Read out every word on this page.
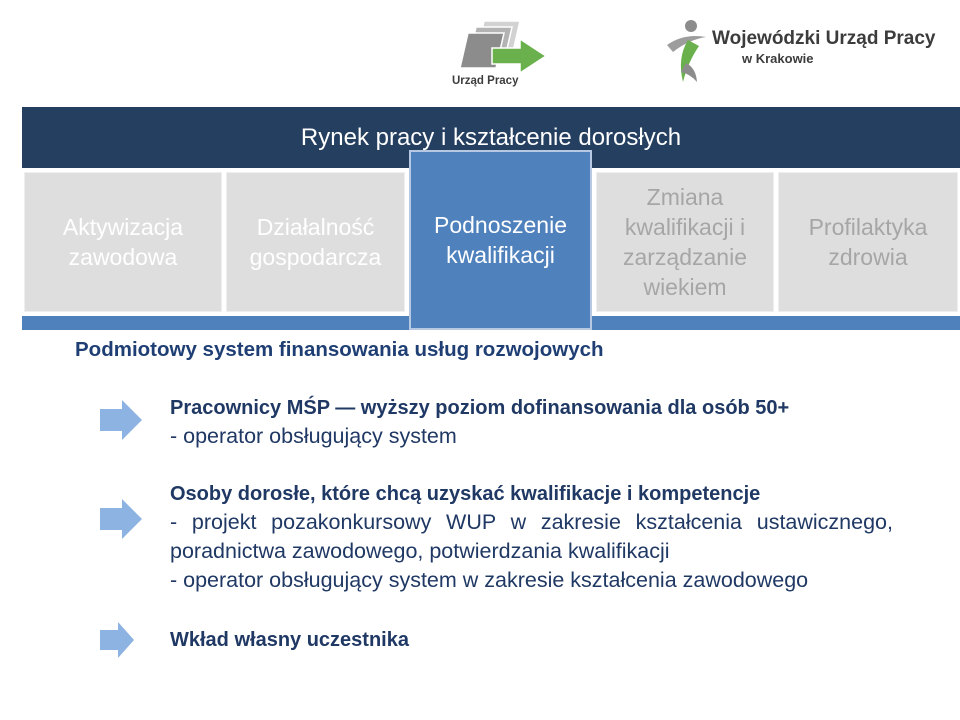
Urząd Pracy
Wojewódzki Urząd Pracy
w Krakowie
Rynek pracy i kształcenie dorosłych
Aktywizacja
zawodowa
Działalność
gospodarcza
Podnoszenie
kwalifikacji
Zmiana
kwalifikacji i
zarządzanie
wiekiem
Profilaktyka
zdrowia
Podmiotowy system finansowania usług rozwojowych
Pracownicy MŚP — wyższy poziom dofinansowania dla osób 50+
- operator obsługujący system
Osoby dorosłe, które chcą uzyskać kwalifikacje i kompetencje
- projekt pozakonkursowy WUP w zakresie kształcenia ustawicznego,
poradnictwa zawodowego, potwierdzania kwalifikacji
- operator obsługujący system w zakresie kształcenia zawodowego
Wkład własny uczestnika
